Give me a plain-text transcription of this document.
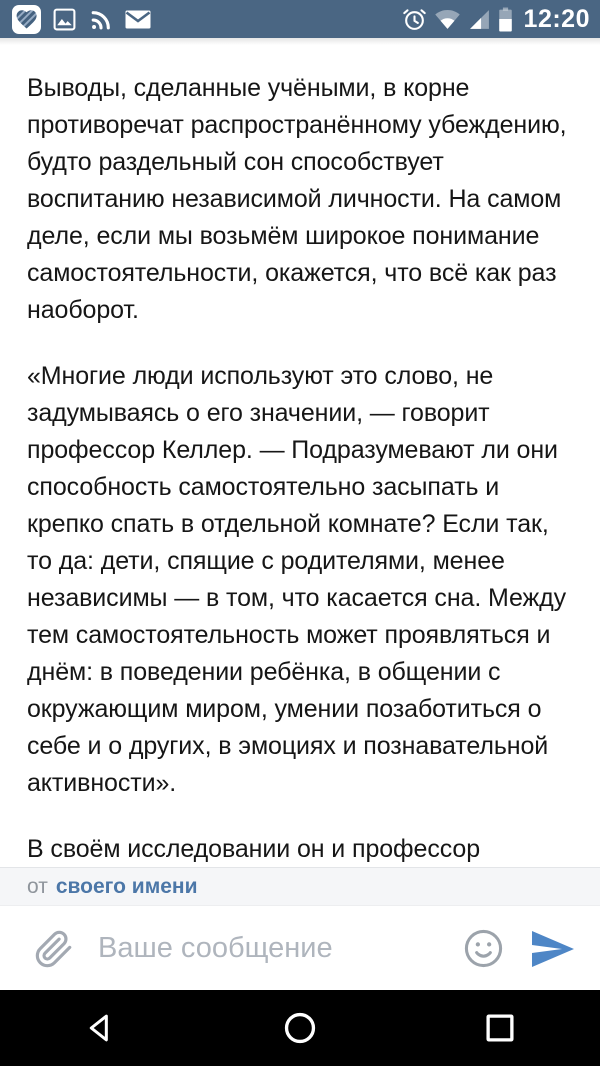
12:20

Выводы, сделанные учёными, в корне противоречат распространённому убеждению, будто раздельный сон способствует воспитанию независимой личности. На самом деле, если мы возьмём широкое понимание самостоятельности, окажется, что всё как раз наоборот.

«Многие люди используют это слово, не задумываясь о его значении, — говорит профессор Келлер. — Подразумевают ли они способность самостоятельно засыпать и крепко спать в отдельной комнате? Если так, то да: дети, спящие с родителями, менее независимы — в том, что касается сна. Между тем самостоятельность может проявляться и днём: в поведении ребёнка, в общении с окружающим миром, умении позаботиться о себе и о других, в эмоциях и познавательной активности».

В своём исследовании он и профессор

от своего имени
Ваше сообщение
